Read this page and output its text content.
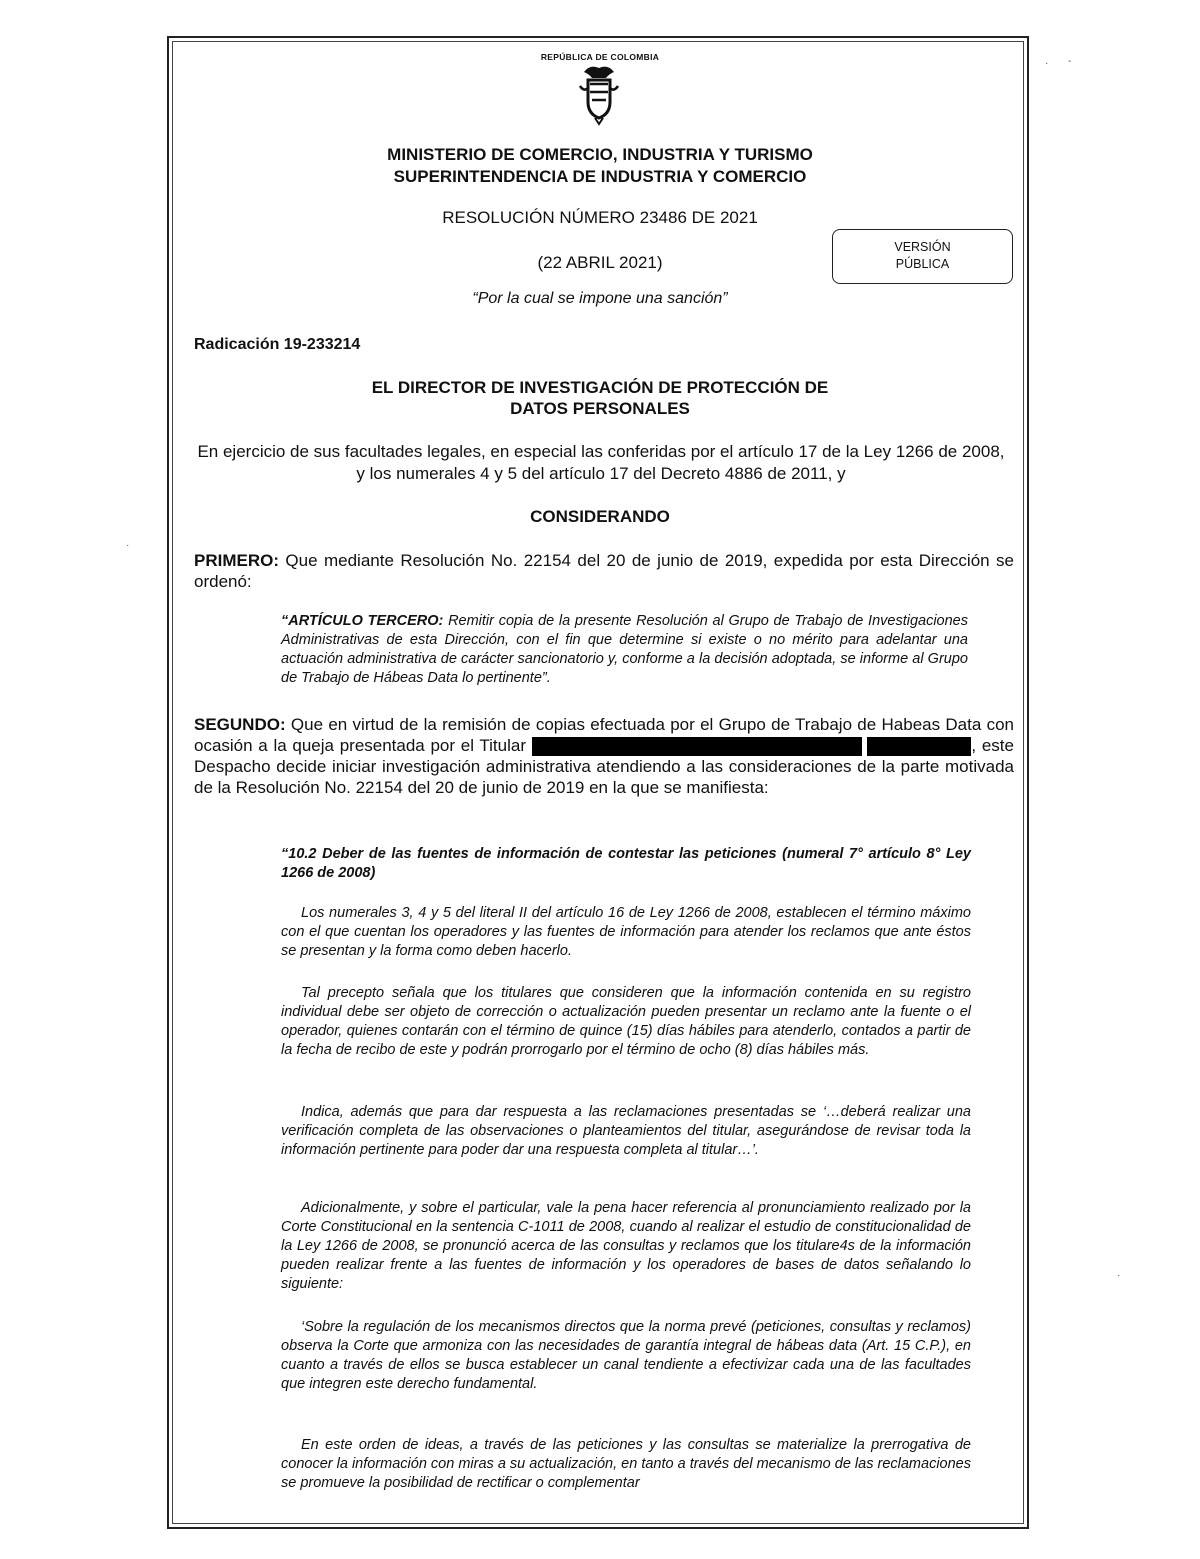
REPÚBLICA DE COLOMBIA
MINISTERIO DE COMERCIO, INDUSTRIA Y TURISMO
SUPERINTENDENCIA DE INDUSTRIA Y COMERCIO
RESOLUCIÓN NÚMERO 23486 DE 2021
(22 ABRIL 2021)
VERSIÓN
PÚBLICA
“Por la cual se impone una sanción”
Radicación 19-233214
EL DIRECTOR DE INVESTIGACIÓN DE PROTECCIÓN DE
DATOS PERSONALES
En ejercicio de sus facultades legales, en especial las conferidas por el artículo 17 de la Ley 1266 de 2008, y los numerales 4 y 5 del artículo 17 del Decreto 4886 de 2011, y
CONSIDERANDO
PRIMERO: Que mediante Resolución No. 22154 del 20 de junio de 2019, expedida por esta Dirección se ordenó:
“ARTÍCULO TERCERO: Remitir copia de la presente Resolución al Grupo de Trabajo de Investigaciones Administrativas de esta Dirección, con el fin que determine si existe o no mérito para adelantar una actuación administrativa de carácter sancionatorio y, conforme a la decisión adoptada, se informe al Grupo de Trabajo de Hábeas Data lo pertinente”.
SEGUNDO: Que en virtud de la remisión de copias efectuada por el Grupo de Trabajo de Habeas Data con ocasión a la queja presentada por el Titular	, este Despacho decide iniciar investigación administrativa atendiendo a las consideraciones de la parte motivada de la Resolución No. 22154 del 20 de junio de 2019 en la que se manifiesta:
“10.2 Deber de las fuentes de información de contestar las peticiones (numeral 7° artículo 8° Ley 1266 de 2008)
Los numerales 3, 4 y 5 del literal II del artículo 16 de Ley 1266 de 2008, establecen el término máximo con el que cuentan los operadores y las fuentes de información para atender los reclamos que ante éstos se presentan y la forma como deben hacerlo.
Tal precepto señala que los titulares que consideren que la información contenida en su registro individual debe ser objeto de corrección o actualización pueden presentar un reclamo ante la fuente o el operador, quienes contarán con el término de quince (15) días hábiles para atenderlo, contados a partir de la fecha de recibo de este y podrán prorrogarlo por el término de ocho (8) días hábiles más.
Indica, además que para dar respuesta a las reclamaciones presentadas se ‘…deberá realizar una verificación completa de las observaciones o planteamientos del titular, asegurándose de revisar toda la información pertinente para poder dar una respuesta completa al titular…’.
Adicionalmente, y sobre el particular, vale la pena hacer referencia al pronunciamiento realizado por la Corte Constitucional en la sentencia C-1011 de 2008, cuando al realizar el estudio de constitucionalidad de la Ley 1266 de 2008, se pronunció acerca de las consultas y reclamos que los titulare4s de la información pueden realizar frente a las fuentes de información y los operadores de bases de datos señalando lo siguiente:
‘Sobre la regulación de los mecanismos directos que la norma prevé (peticiones, consultas y reclamos) observa la Corte que armoniza con las necesidades de garantía integral de hábeas data (Art. 15 C.P.), en cuanto a través de ellos se busca establecer un canal tendiente a efectivizar cada una de las facultades que integren este derecho fundamental.
En este orden de ideas, a través de las peticiones y las consultas se materialize la prerrogativa de conocer la información con miras a su actualización, en tanto a través del mecanismo de las reclamaciones se promueve la posibilidad de rectificar o complementar
· -
·
·
